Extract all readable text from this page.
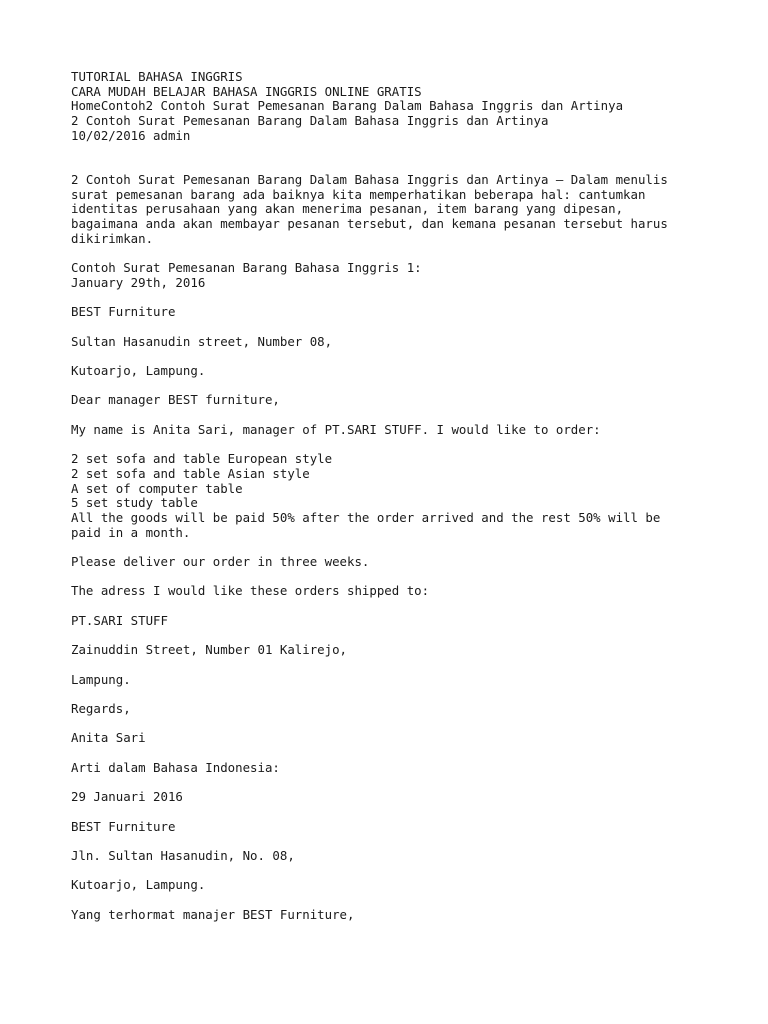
TUTORIAL BAHASA INGGRIS
CARA MUDAH BELAJAR BAHASA INGGRIS ONLINE GRATIS
HomeContoh2 Contoh Surat Pemesanan Barang Dalam Bahasa Inggris dan Artinya
2 Contoh Surat Pemesanan Barang Dalam Bahasa Inggris dan Artinya
10/02/2016 admin
2 Contoh Surat Pemesanan Barang Dalam Bahasa Inggris dan Artinya – Dalam menulis
surat pemesanan barang ada baiknya kita memperhatikan beberapa hal: cantumkan
identitas perusahaan yang akan menerima pesanan, item barang yang dipesan,
bagaimana anda akan membayar pesanan tersebut, dan kemana pesanan tersebut harus
dikirimkan.
Contoh Surat Pemesanan Barang Bahasa Inggris 1:
January 29th, 2016
BEST Furniture
Sultan Hasanudin street, Number 08,
Kutoarjo, Lampung.
Dear manager BEST furniture,
My name is Anita Sari, manager of PT.SARI STUFF. I would like to order:
2 set sofa and table European style
2 set sofa and table Asian style
A set of computer table
5 set study table
All the goods will be paid 50% after the order arrived and the rest 50% will be
paid in a month.
Please deliver our order in three weeks.
The adress I would like these orders shipped to:
PT.SARI STUFF
Zainuddin Street, Number 01 Kalirejo,
Lampung.
Regards,
Anita Sari
Arti dalam Bahasa Indonesia:
29 Januari 2016
BEST Furniture
Jln. Sultan Hasanudin, No. 08,
Kutoarjo, Lampung.
Yang terhormat manajer BEST Furniture,
